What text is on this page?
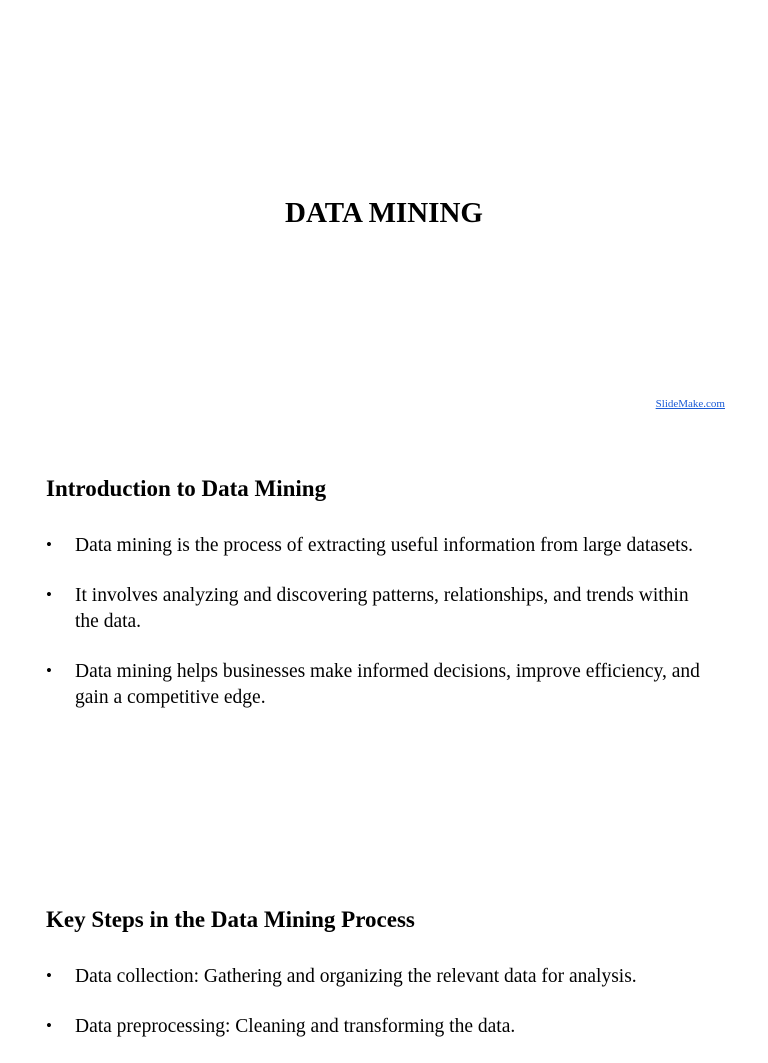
DATA MINING
SlideMake.com
Introduction to Data Mining
• Data mining is the process of extracting useful information from large datasets.
• It involves analyzing and discovering patterns, relationships, and trends within the data.
• Data mining helps businesses make informed decisions, improve efficiency, and gain a competitive edge.
Key Steps in the Data Mining Process
• Data collection: Gathering and organizing the relevant data for analysis.
• Data preprocessing: Cleaning and transforming the data.
